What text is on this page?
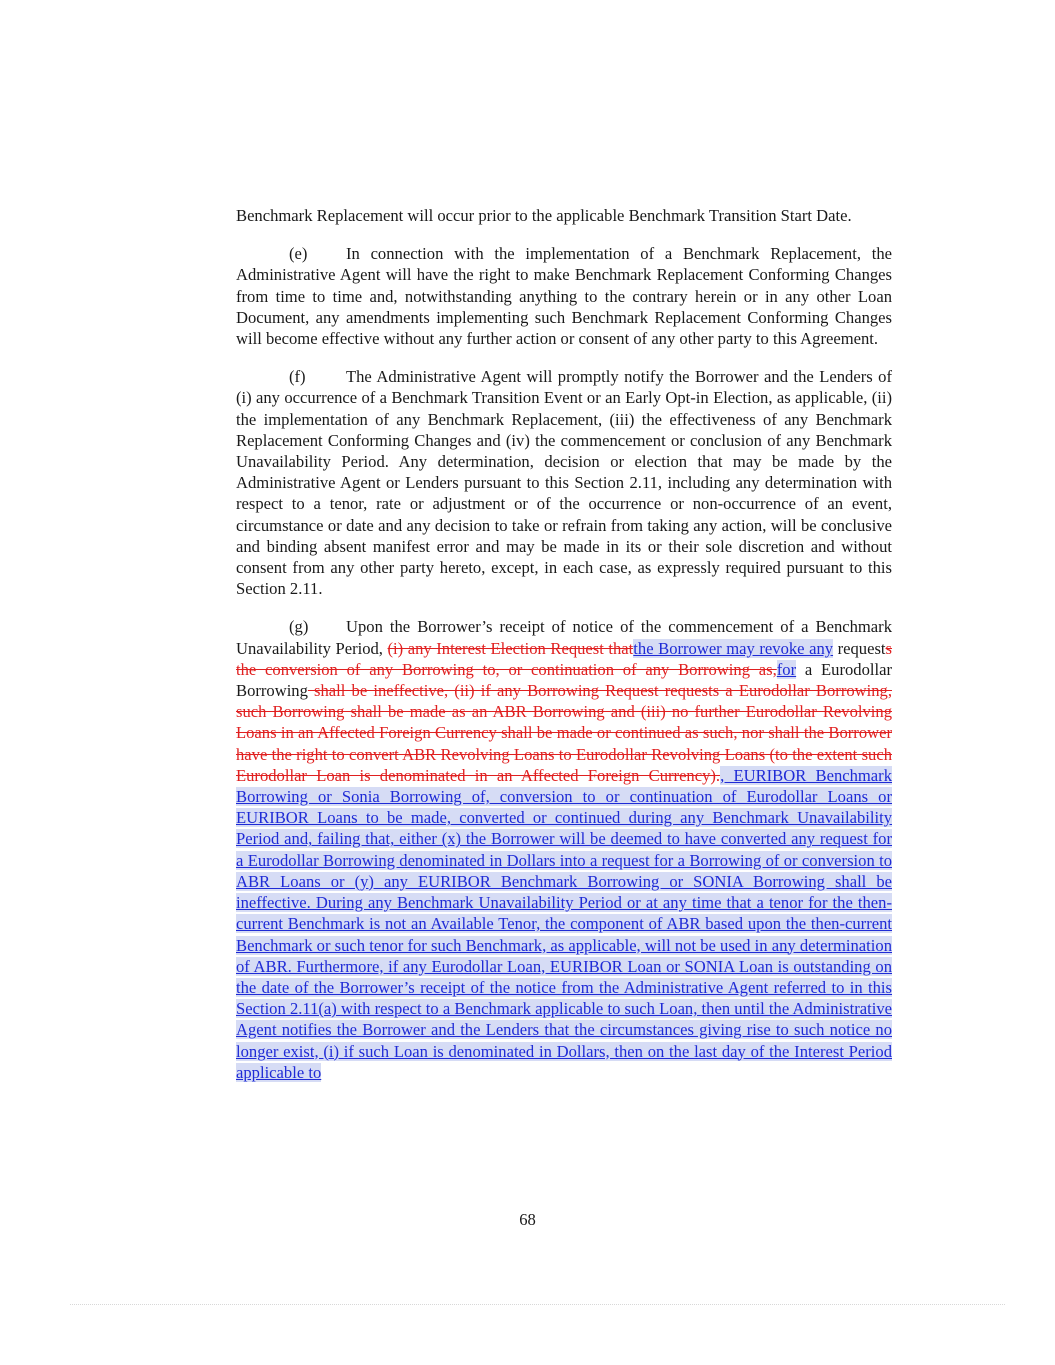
Benchmark Replacement will occur prior to the applicable Benchmark Transition Start Date.

(e) In connection with the implementation of a Benchmark Replacement, the Administrative Agent will have the right to make Benchmark Replacement Conforming Changes from time to time and, notwithstanding anything to the contrary herein or in any other Loan Document, any amendments implementing such Benchmark Replacement Conforming Changes will become effective without any further action or consent of any other party to this Agreement.

(f) The Administrative Agent will promptly notify the Borrower and the Lenders of (i) any occurrence of a Benchmark Transition Event or an Early Opt-in Election, as applicable, (ii) the implementation of any Benchmark Replacement, (iii) the effectiveness of any Benchmark Replacement Conforming Changes and (iv) the commencement or conclusion of any Benchmark Unavailability Period. Any determination, decision or election that may be made by the Administrative Agent or Lenders pursuant to this Section 2.11, including any determination with respect to a tenor, rate or adjustment or of the occurrence or non-occurrence of an event, circumstance or date and any decision to take or refrain from taking any action, will be conclusive and binding absent manifest error and may be made in its or their sole discretion and without consent from any other party hereto, except, in each case, as expressly required pursuant to this Section 2.11.

(g) Upon the Borrower’s receipt of notice of the commencement of a Benchmark Unavailability Period, (i) any Interest Election Request thatthe Borrower may revoke any requests the conversion of any Borrowing to, or continuation of any Borrowing as,for a Eurodollar Borrowing shall be ineffective, (ii) if any Borrowing Request requests a Eurodollar Borrowing, such Borrowing shall be made as an ABR Borrowing and (iii) no further Eurodollar Revolving Loans in an Affected Foreign Currency shall be made or continued as such, nor shall the Borrower have the right to convert ABR Revolving Loans to Eurodollar Revolving Loans (to the extent such Eurodollar Loan is denominated in an Affected Foreign Currency)., EURIBOR Benchmark Borrowing or Sonia Borrowing of, conversion to or continuation of Eurodollar Loans or EURIBOR Loans to be made, converted or continued during any Benchmark Unavailability Period and, failing that, either (x) the Borrower will be deemed to have converted any request for a Eurodollar Borrowing denominated in Dollars into a request for a Borrowing of or conversion to ABR Loans or (y) any EURIBOR Benchmark Borrowing or SONIA Borrowing shall be ineffective. During any Benchmark Unavailability Period or at any time that a tenor for the then-current Benchmark is not an Available Tenor, the component of ABR based upon the then-current Benchmark or such tenor for such Benchmark, as applicable, will not be used in any determination of ABR. Furthermore, if any Eurodollar Loan, EURIBOR Loan or SONIA Loan is outstanding on the date of the Borrower’s receipt of the notice from the Administrative Agent referred to in this Section 2.11(a) with respect to a Benchmark applicable to such Loan, then until the Administrative Agent notifies the Borrower and the Lenders that the circumstances giving rise to such notice no longer exist, (i) if such Loan is denominated in Dollars, then on the last day of the Interest Period applicable to

68
